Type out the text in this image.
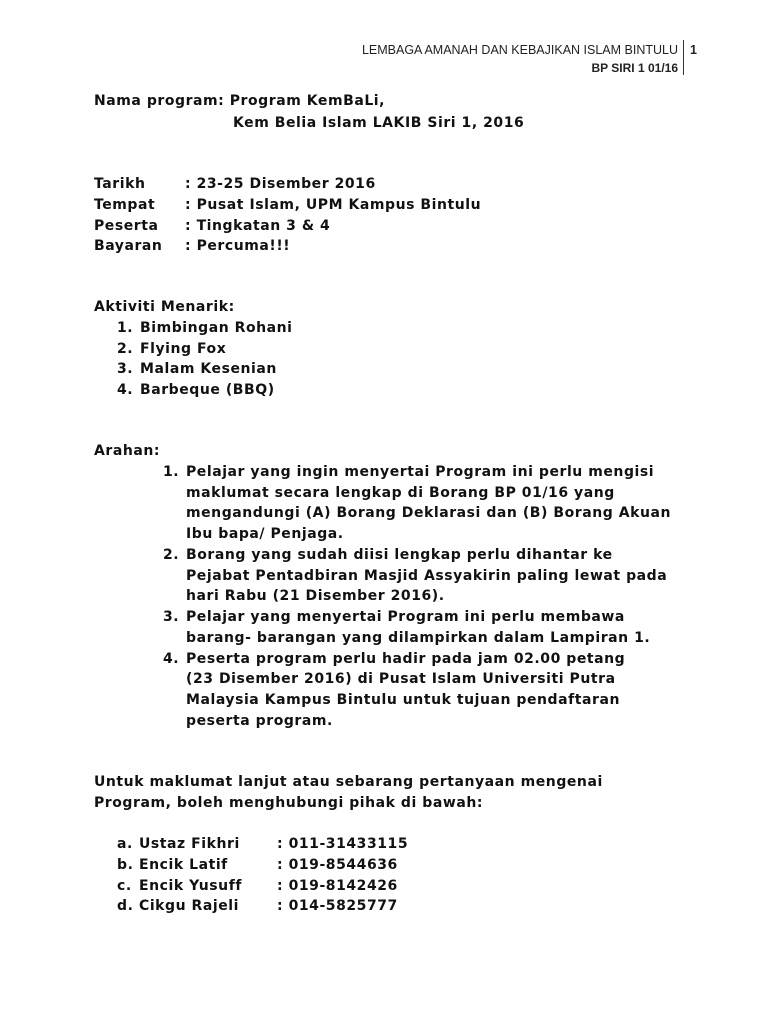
LEMBAGA AMANAH DAN KEBAJIKAN ISLAM BINTULU
BP SIRI 1 01/16
1
Nama program: Program KemBaLi,
Kem Belia Islam LAKIB Siri 1, 2016
Tarikh	: 23-25 Disember 2016
Tempat : Pusat Islam, UPM Kampus Bintulu
Peserta : Tingkatan 3 & 4
Bayaran : Percuma!!!
Aktiviti Menarik:
1. Bimbingan Rohani
2. Flying Fox
3. Malam Kesenian
4. Barbeque (BBQ)
Arahan:
1. Pelajar yang ingin menyertai Program ini perlu mengisi
maklumat secara lengkap di Borang BP 01/16 yang
mengandungi (A) Borang Deklarasi dan (B) Borang Akuan
Ibu bapa/ Penjaga.
2. Borang yang sudah diisi lengkap perlu dihantar ke
Pejabat Pentadbiran Masjid Assyakirin paling lewat pada
hari Rabu (21 Disember 2016).
3. Pelajar yang menyertai Program ini perlu membawa
barang- barangan yang dilampirkan dalam Lampiran 1.
4. Peserta program perlu hadir pada jam 02.00 petang
(23 Disember 2016) di Pusat Islam Universiti Putra
Malaysia Kampus Bintulu untuk tujuan pendaftaran
peserta program.
Untuk maklumat lanjut atau sebarang pertanyaan mengenai
Program, boleh menghubungi pihak di bawah:
a. Ustaz Fikhri	: 011-31433115
b. Encik Latif	: 019-8544636
c. Encik Yusuff	: 019-8142426
d. Cikgu Rajeli	: 014-5825777
